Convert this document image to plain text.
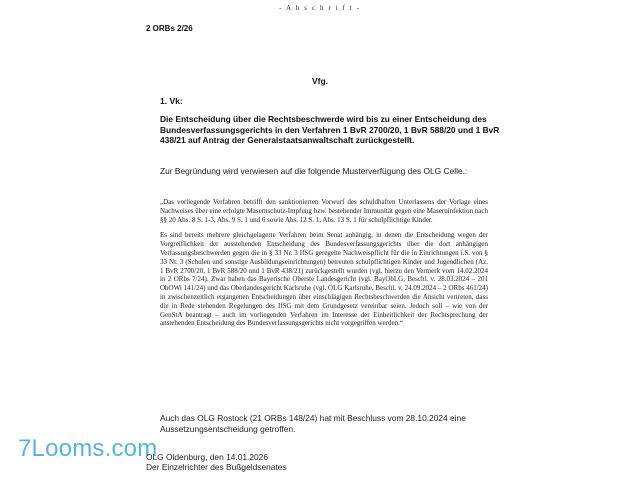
- A b s c h r i f t -
2 ORBs 2/26
Vfg.
1. Vk:
Die Entscheidung über die Rechtsbeschwerde wird bis zu einer Entscheidung des Bundesverfassungsgerichts in den Verfahren 1 BvR 2700/20, 1 BvR 588/20 und 1 BvR 438/21 auf Antrag der Generalstaatsanwaltschaft zurückgestellt.
Zur Begründung wird verwiesen auf die folgende Musterverfügung des OLG Celle.:

„Das vorliegende Verfahren betrifft den sanktionierten Vorwurf des schuldhaften Unterlassens der Vorlage eines Nachweises über eine erfolgte Masernschutz-Impfung bzw. bestehender Immunität gegen eine Maserninfektion nach §§ 20 Abs. 8 S. 1-3, Abs. 9 S. 1 und 6 sowie Abs. 12 S. 1, Abs. 13 S. 1 für schulpflichtige Kinder.

Es sind bereits mehrere gleichgelagerte Verfahren beim Senat anhängig, in denen die Entscheidung wegen der Vorgreiflichkeit der ausstehenden Entscheidung des Bundesverfassungsgerichts über die dort anhängigen Verfassungsbeschwerden gegen die in § 33 Nr. 3 IfSG geregelte Nachweispflicht für die in Einrichtungen i.S. von § 33 Nr. 3 (Schulen und sonstige Ausbildungseinrichtungen) betreuten schulpflichtigen Kinder und Jugendlichen (Az. 1 BvR 2700/20, 1 BvR 588/20 und 1 BvR 438/21) zurückgestellt wurden (vgl. hierzu den Vermerk vom 14.02.2024 in 2 ORbs 7/24). Zwar haben das Bayerische Oberste Landesgericht (vgl. BayObLG, Beschl. v. 28.03.2024 – 201 ObOWi 141/24) und das Oberlandesgericht Karlsruhe (vgl. OLG Karlsruhe, Beschl. v. 24.09.2024 – 2 ORbs 461/24) in zwischenzeitlich ergangenen Entscheidungen über einschlägigen Rechtsbeschwerden die Ansicht vertreten, dass die in Rede stehenden Regelungen des IfSG mit dem Grundgesetz vereinbar seien. Jedoch soll – wie von der GenStA beantragt – auch im vorliegenden Verfahren im Interesse der Einheitlichkeit der Rechtsprechung der anstehenden Entscheidung des Bundesverfassungsgerichts nicht vorgegriffen werden.“

Auch das OLG Rostock (21 ORBs 148/24) hat mit Beschluss vom 28.10.2024 eine Aussetzungsentscheidung getroffen.
7Looms.com
OLG Oldenburg, den 14.01.2026
Der Einzelrichter des Bußgeldsenates
